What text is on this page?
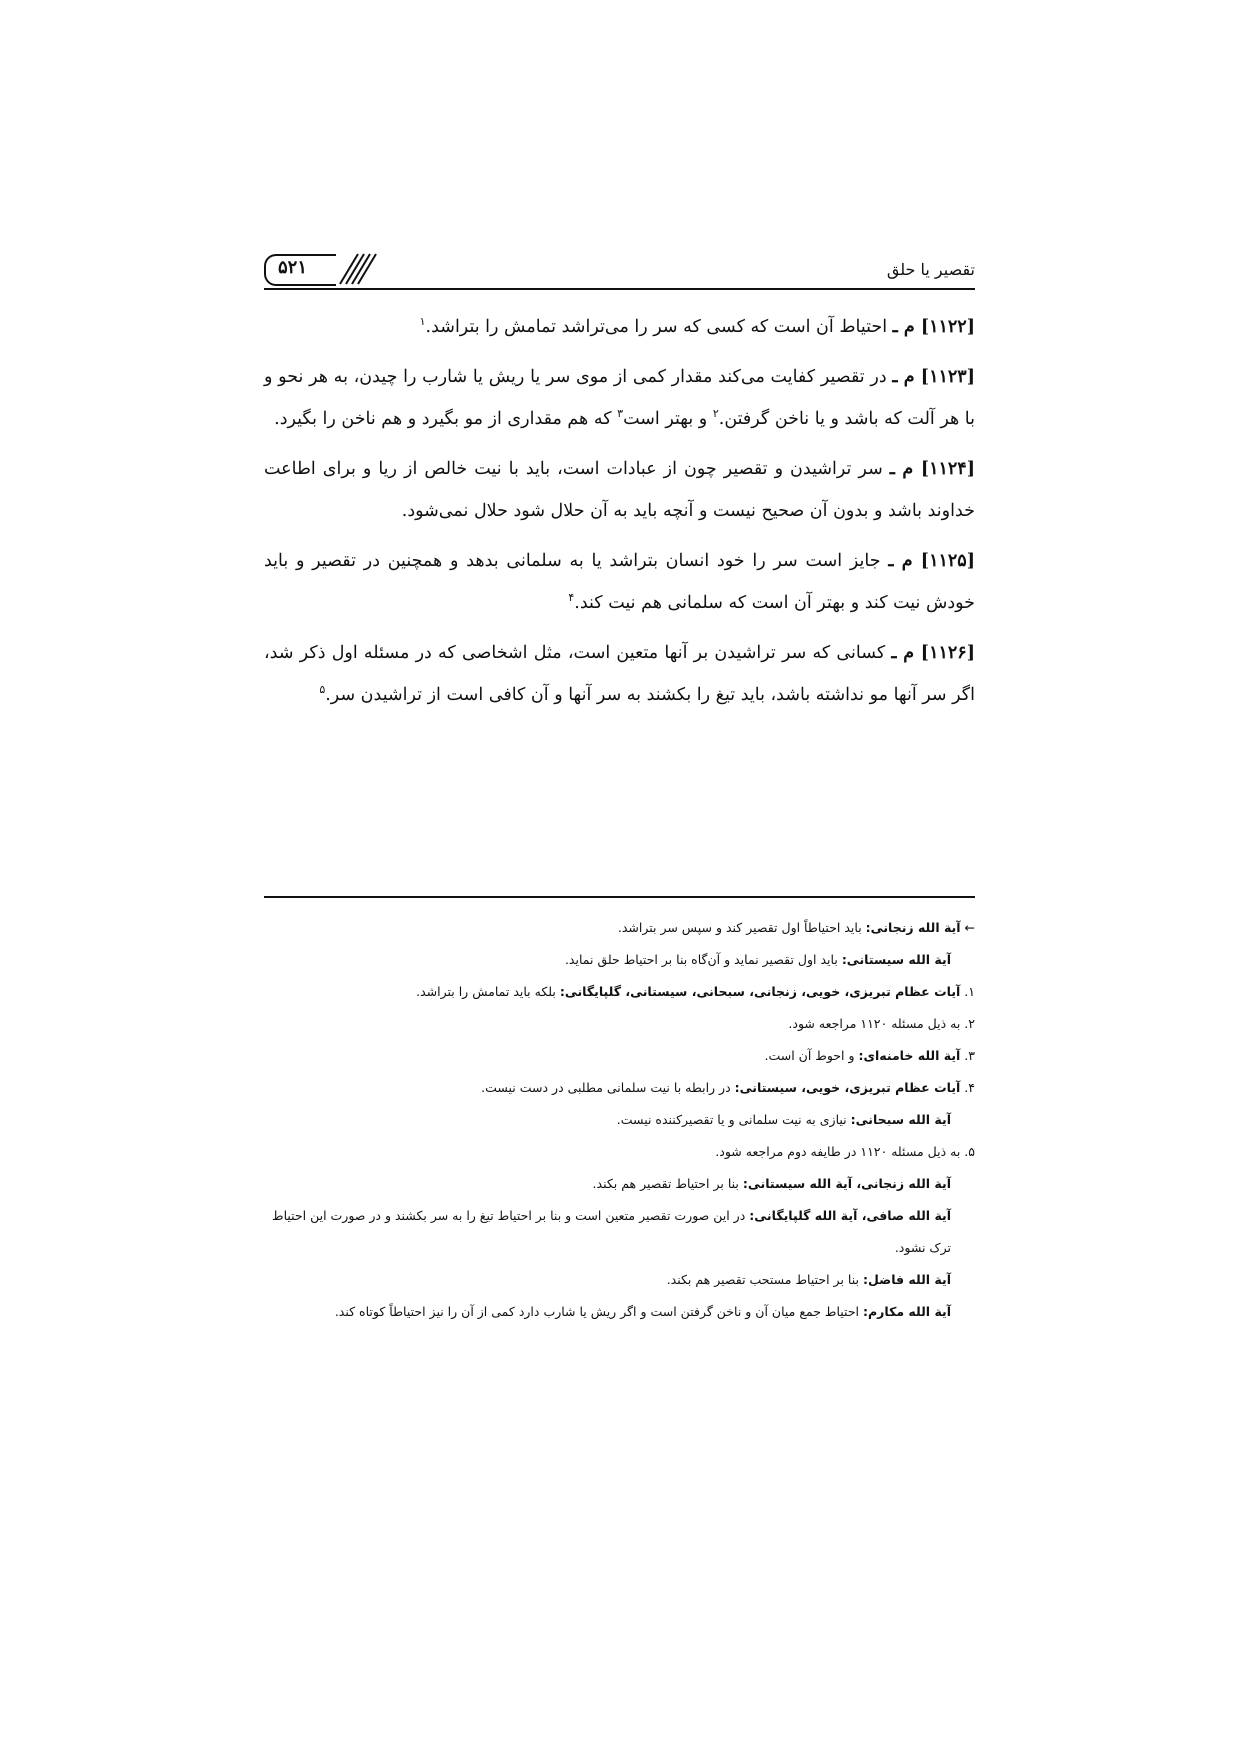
تقصیر یا حلق
۵۲۱

[۱۱۲۲] م ـ احتیاط آن است که کسی که سر را می‌تراشد تمامش را بتراشد.$^۱$

[۱۱۲۳] م ـ در تقصیر کفایت می‌کند مقدار کمی از موی سر یا ریش یا شارب را چیدن، به هر نحو و با هر آلت که باشد و یا ناخن گرفتن.$^۲$ و بهتر است$^۳$ که هم مقداری از مو بگیرد و هم ناخن را بگیرد.

[۱۱۲۴] م ـ سر تراشیدن و تقصیر چون از عبادات است، باید با نیت خالص از ریا و برای اطاعت خداوند باشد و بدون آن صحیح نیست و آنچه باید به آن حلال شود حلال نمی‌شود.

[۱۱۲۵] م ـ جایز است سر را خود انسان بتراشد یا به سلمانی بدهد و همچنین در تقصیر و باید خودش نیت کند و بهتر آن است که سلمانی هم نیت کند.$^۴$

[۱۱۲۶] م ـ کسانی که سر تراشیدن بر آنها متعین است، مثل اشخاصی که در مسئله اول ذکر شد، اگر سر آنها مو نداشته باشد، باید تیغ را بکشند به سر آنها و آن کافی است از تراشیدن سر.$^۵$

← آیة الله زنجانی: باید احتیاطاً اول تقصیر کند و سپس سر بتراشد.

آیة الله سیستانی: باید اول تقصیر نماید و آن‌گاه بنا بر احتیاط حلق نماید.

۱. آیات عظام تبریزی، خویی، زنجانی، سبحانی، سیستانی، گلپایگانی: بلکه باید تمامش را بتراشد.

۲. به ذیل مسئله ۱۱۲۰ مراجعه شود.

۳. آیة الله خامنه‌ای: و احوط آن است.

۴. آیات عظام تبریزی، خویی، سیستانی: در رابطه با نیت سلمانی مطلبی در دست نیست.

آیة الله سبحانی: نیازی به نیت سلمانی و یا تقصیرکننده نیست.

۵. به ذیل مسئله ۱۱۲۰ در طایفه دوم مراجعه شود.

آیة الله زنجانی، آیة الله سیستانی: بنا بر احتیاط تقصیر هم بکند.

آیة الله صافی، آیة الله گلپایگانی: در این صورت تقصیر متعین است و بنا بر احتیاط تیغ را به سر بکشند و در صورت این احتیاط ترک نشود.

آیة الله فاضل: بنا بر احتیاط مستحب تقصیر هم بکند.

آیة الله مکارم: احتیاط جمع میان آن و ناخن گرفتن است و اگر ریش یا شارب دارد کمی از آن را نیز احتیاطاً کوتاه کند.
